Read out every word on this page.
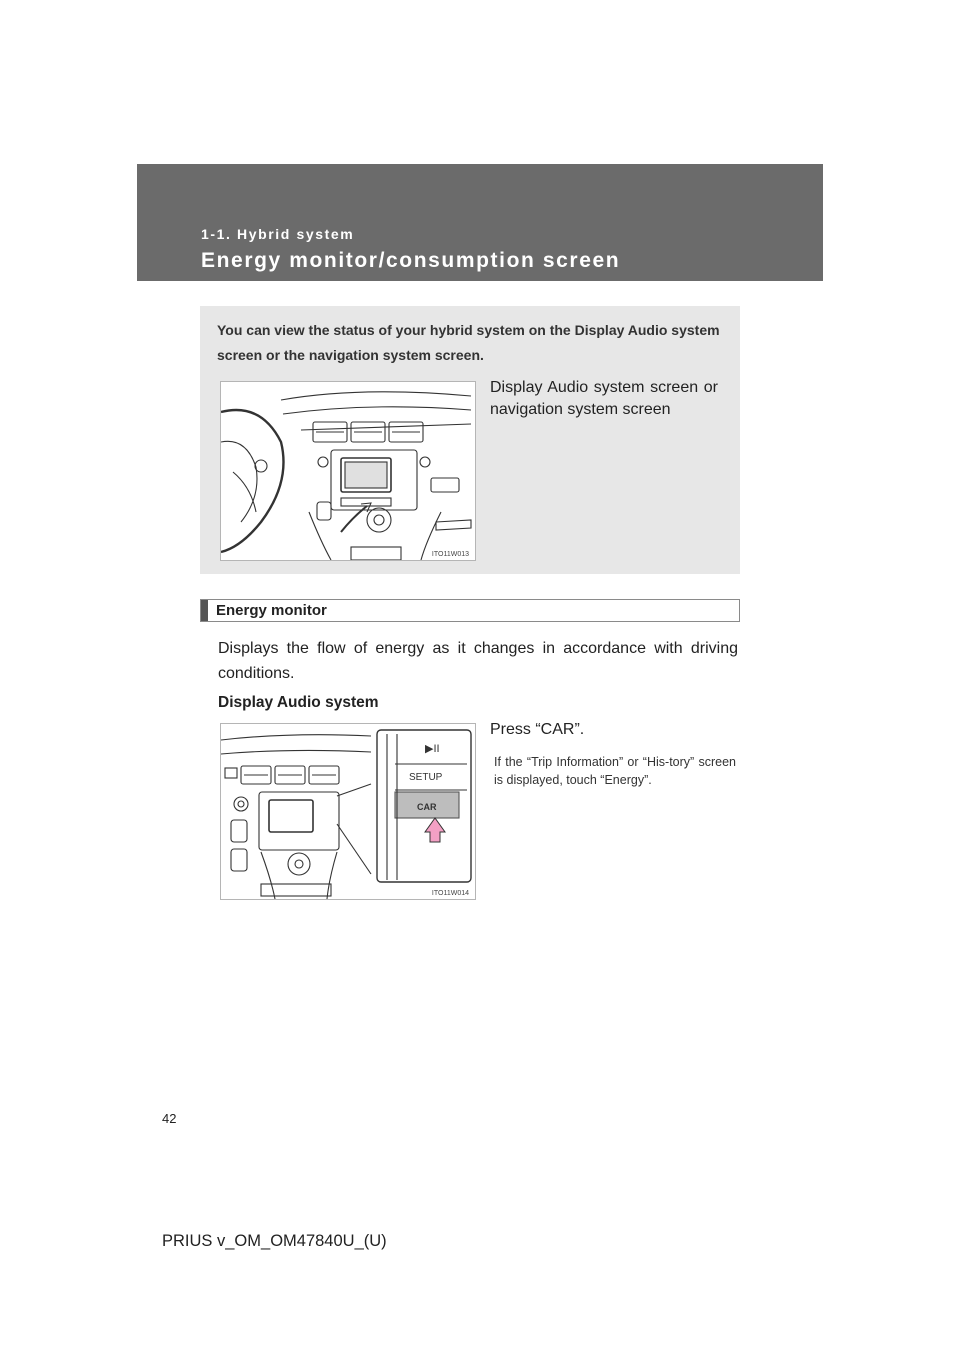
1-1. Hybrid system
Energy monitor/consumption screen
You can view the status of your hybrid system on the Display Audio system screen or the navigation system screen.
ITO11W013
Display Audio system screen or navigation system screen
Energy monitor
Displays the flow of energy as it changes in accordance with driving conditions.
Display Audio system
▶II
SETUP
CAR
ITO11W014
Press “CAR”.
If the “Trip Information” or “His-tory” screen is displayed, touch “Energy”.
42
PRIUS v_OM_OM47840U_(U)
